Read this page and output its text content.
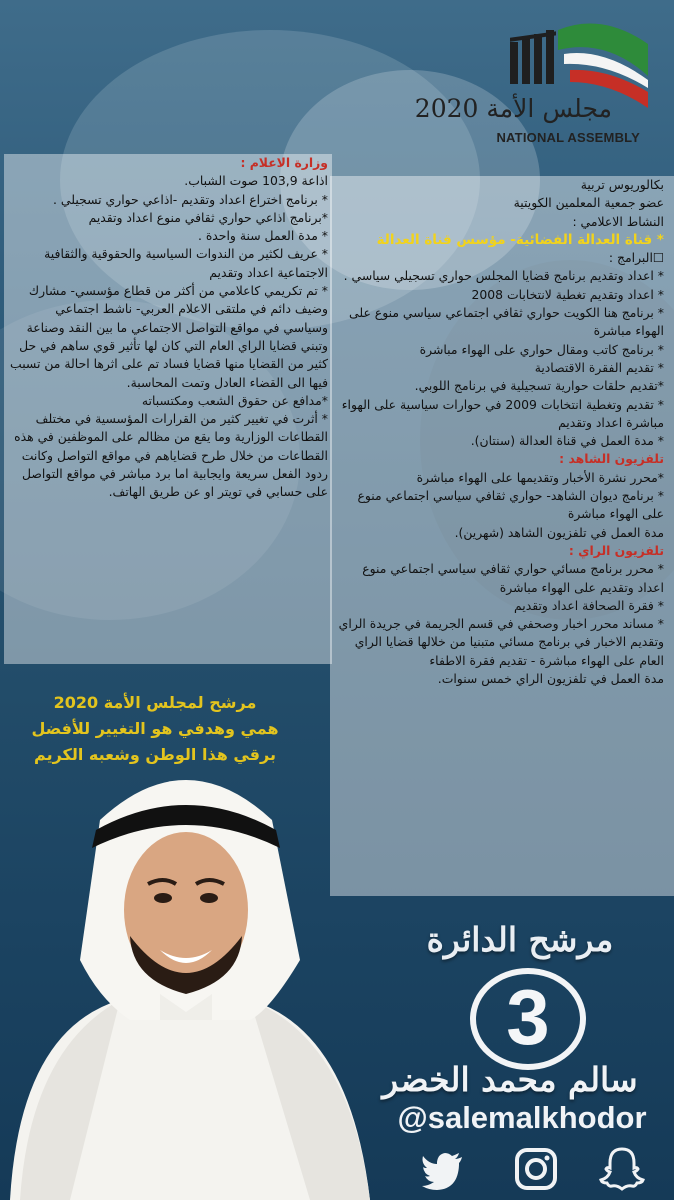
مجلس الأمة 2020
NATIONAL ASSEMBLY

بكالوريوس تربية

عضو جمعية المعلمين الكويتية

النشاط الاعلامي :

* قناة العدالة الفضائية- مؤسس قناة العدالة

☐البرامج :

* اعداد وتقديم برنامج قضايا المجلس حواري تسجيلي سياسي .

* اعداد وتقديم تغطية لانتخابات 2008

* برنامج هنا الكويت حواري ثقافي اجتماعي سياسي منوع على الهواء مباشرة

* برنامج كاتب ومقال حواري على الهواء مباشرة

* تقديم الفقرة الاقتصادية

*تقديم حلقات حوارية تسجيلية في برنامج اللوبي.

* تقديم وتغطية انتخابات 2009 في حوارات سياسية على الهواء مباشرة اعداد وتقديم

* مدة العمل في قناة العدالة (سنتان).

تلفزيون الشاهد :

*محرر نشرة الأخبار وتقديمها على الهواء مباشرة

* برنامج ديوان الشاهد- حواري ثقافي سياسي اجتماعي منوع على الهواء مباشرة

مدة العمل في تلفزيون الشاهد (شهرين).

تلفزيون الراي :

* محرر برنامج مسائي حواري ثقافي سياسي اجتماعي منوع اعداد وتقديم على الهواء مباشرة

* فقرة الصحافة اعداد وتقديم

* مساند محرر اخبار وصحفي في قسم الجريمة في جريدة الراي وتقديم الاخبار في برنامج مسائي متبنيا من خلالها قضايا الراي العام على الهواء مباشرة - تقديم فقرة الاطفاء

مدة العمل في تلفزيون الراي خمس سنوات.

وزارة الاعلام :

اذاعة 103,9 صوت الشباب.

* برنامج اختراع اعداد وتقديم -اذاعي حواري تسجيلي .

*برنامج اذاعي حواري ثقافي منوع اعداد وتقديم

* مدة العمل سنة واحدة .

* عريف لكثير من الندوات السياسية والحقوقية والثقافية الاجتماعية اعداد وتقديم

* تم تكريمي كاعلامي من أكثر من قطاع مؤسسي- مشارك وضيف دائم في ملتقى الاعلام العربي- ناشط اجتماعي وسياسي في مواقع التواصل الاجتماعي ما بين النقد وصناعة وتبني قضايا الراي العام التي كان لها تأثير قوي ساهم في حل كثير من القضايا منها قضايا فساد تم على اثرها احالة من تسبب فيها الى القضاء العادل وتمت المحاسبة.

*مدافع عن حقوق الشعب ومكتسباته

* أثرت في تغيير كثير من القرارات المؤسسية في مختلف القطاعات الوزارية وما يقع من مظالم على الموظفين في هذه القطاعات من خلال طرح قضاياهم في مواقع التواصل وكانت ردود الفعل سريعة وايجابية اما برد مباشر في مواقع التواصل على حسابي في تويتر او عن طريق الهاتف.

مرشح لمجلس الأمة 2020
همي وهدفي هو التغيير للأفضل
برقي هذا الوطن وشعبه الكريم
مرشح الدائرة
3
سالم محمد الخضر
@salemalkhodor
